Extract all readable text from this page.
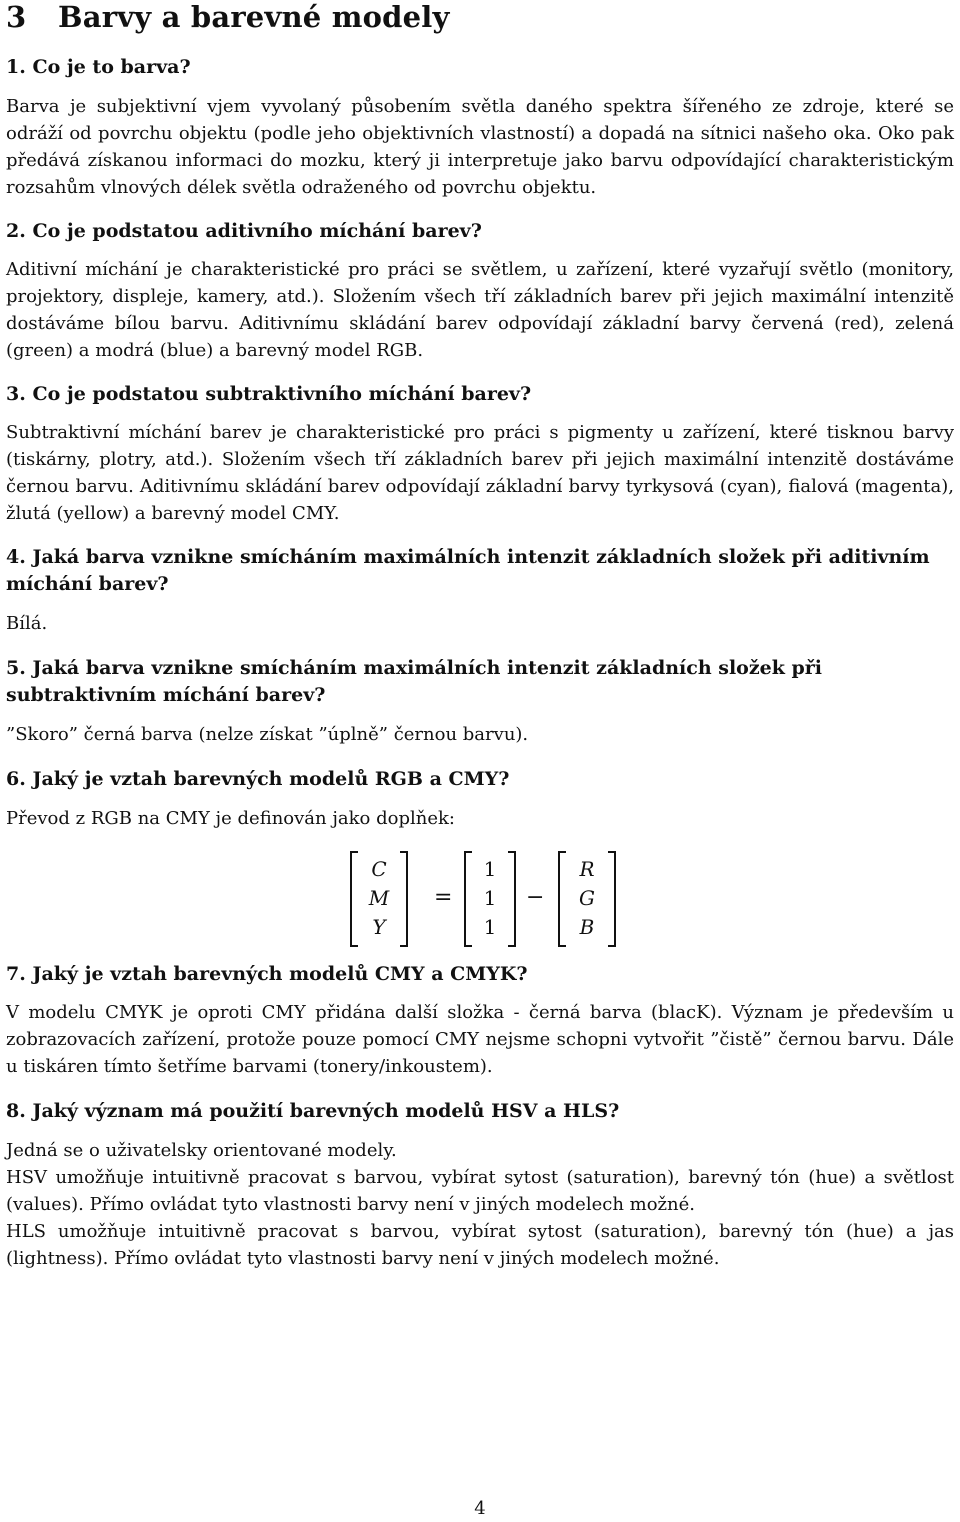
3 Barvy a barevné modely
1. Co je to barva?

Barva je subjektivní vjem vyvolaný působením světla daného spektra šířeného ze zdroje, které se odráží od povrchu objektu (podle jeho objektivních vlastností) a dopadá na sítnici našeho oka. Oko pak předává získanou informaci do mozku, který ji interpretuje jako barvu odpovídající charakteristickým rozsahům vlnových délek světla odraženého od povrchu objektu.

2. Co je podstatou aditivního míchání barev?

Aditivní míchání je charakteristické pro práci se světlem, u zařízení, které vyzařují světlo (monitory, projektory, displeje, kamery, atd.). Složením všech tří základních barev při jejich maximální intenzitě dostáváme bílou barvu. Aditivnímu skládání barev odpovídají základní barvy červená (red), zelená (green) a modrá (blue) a barevný model RGB.

3. Co je podstatou subtraktivního míchání barev?

Subtraktivní míchání barev je charakteristické pro práci s pigmenty u zařízení, které tisknou barvy (tiskárny, plotry, atd.). Složením všech tří základních barev při jejich maximální intenzitě dostáváme černou barvu. Aditivnímu skládání barev odpovídají základní barvy tyrkysová (cyan), fialová (magenta), žlutá (yellow) a barevný model CMY.

4. Jaká barva vznikne smícháním maximálních intenzit základních složek při aditivním míchání barev?

Bílá.

5. Jaká barva vznikne smícháním maximálních intenzit základních složek při subtraktivním míchání barev?

”Skoro” černá barva (nelze získat ”úplně” černou barvu).

6. Jaký je vztah barevných modelů RGB a CMY?

Převod z RGB na CMY je definován jako doplňek:

C
M
Y
=
1
1
1
−
R
G
B
7. Jaký je vztah barevných modelů CMY a CMYK?

V modelu CMYK je oproti CMY přidána další složka - černá barva (blacK). Význam je především u zobrazovacích zařízení, protože pouze pomocí CMY nejsme schopni vytvořit ”čistě” černou barvu. Dále u tiskáren tímto šetříme barvami (tonery/inkoustem).

8. Jaký význam má použití barevných modelů HSV a HLS?

Jedná se o uživatelsky orientované modely.

HSV umožňuje intuitivně pracovat s barvou, vybírat sytost (saturation), barevný tón (hue) a světlost (values). Přímo ovládat tyto vlastnosti barvy není v jiných modelech možné.

HLS umožňuje intuitivně pracovat s barvou, vybírat sytost (saturation), barevný tón (hue) a jas (lightness). Přímo ovládat tyto vlastnosti barvy není v jiných modelech možné.

4
